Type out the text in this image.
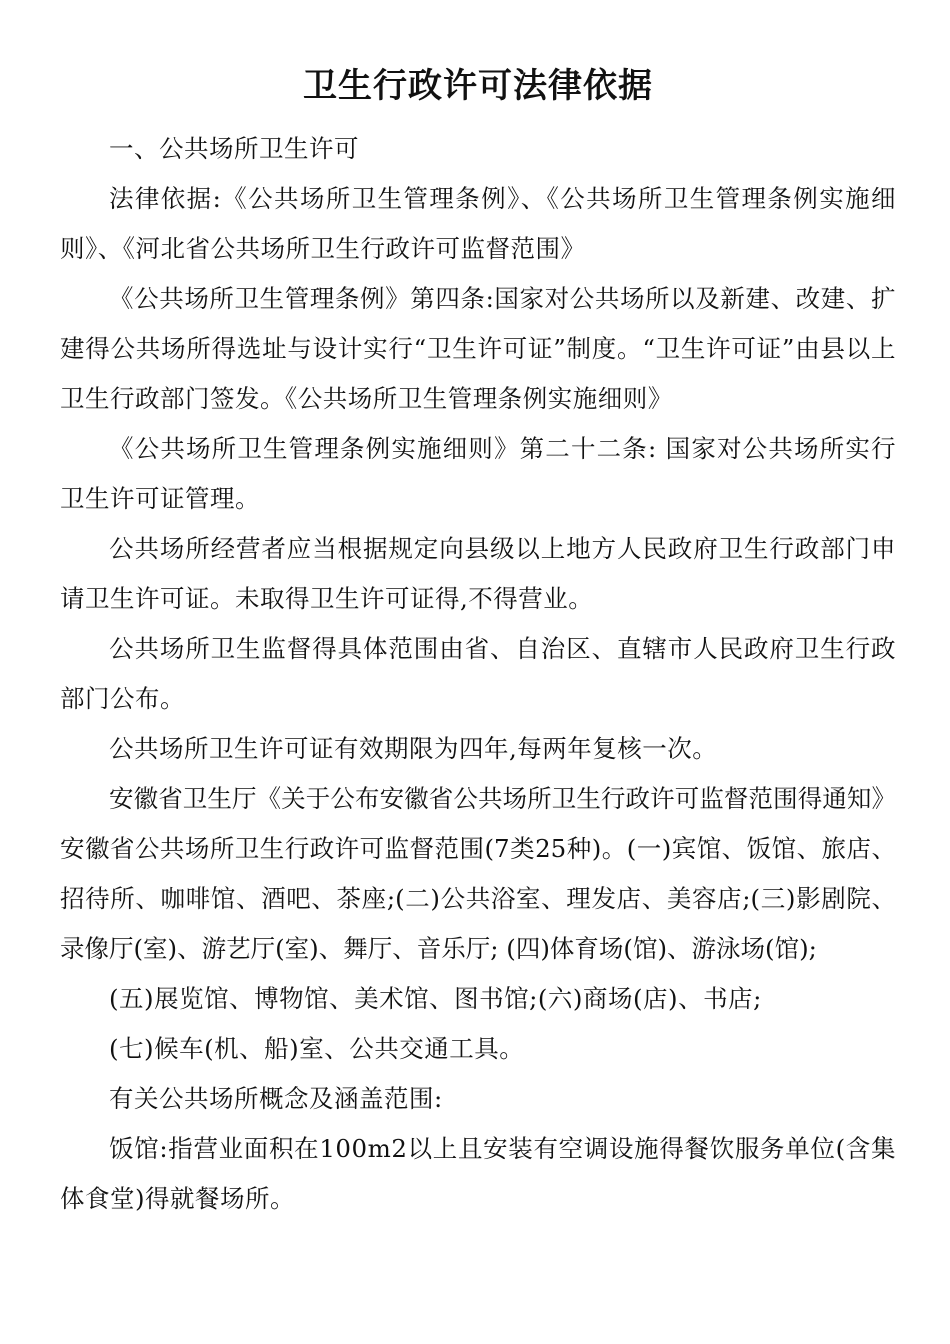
卫生行政许可法律依据

一、公共场所卫生许可

法律依据:《公共场所卫生管理条例》、《公共场所卫生管理条例实施细则》、《河北省公共场所卫生行政许可监督范围》

《公共场所卫生管理条例》第四条:国家对公共场所以及新建、改建、扩建得公共场所得选址与设计实行“卫生许可证”制度。“卫生许可证”由县以上卫生行政部门签发。《公共场所卫生管理条例实施细则》

《公共场所卫生管理条例实施细则》第二十二条: 国家对公共场所实行卫生许可证管理。

公共场所经营者应当根据规定向县级以上地方人民政府卫生行政部门申请卫生许可证。未取得卫生许可证得,不得营业。

公共场所卫生监督得具体范围由省、自治区、直辖市人民政府卫生行政部门公布。

公共场所卫生许可证有效期限为四年,每两年复核一次。

安徽省卫生厅《关于公布安徽省公共场所卫生行政许可监督范围得通知》安徽省公共场所卫生行政许可监督范围(7类25种)。(一)宾馆、饭馆、旅店、招待所、咖啡馆、酒吧、茶座;(二)公共浴室、理发店、美容店;(三)影剧院、录像厅(室)、游艺厅(室)、舞厅、音乐厅; (四)体育场(馆)、游泳场(馆);

(五)展览馆、博物馆、美术馆、图书馆;(六)商场(店)、书店;

(七)候车(机、船)室、公共交通工具。

有关公共场所概念及涵盖范围:

饭馆:指营业面积在100m2以上且安装有空调设施得餐饮服务单位(含集体食堂)得就餐场所。
